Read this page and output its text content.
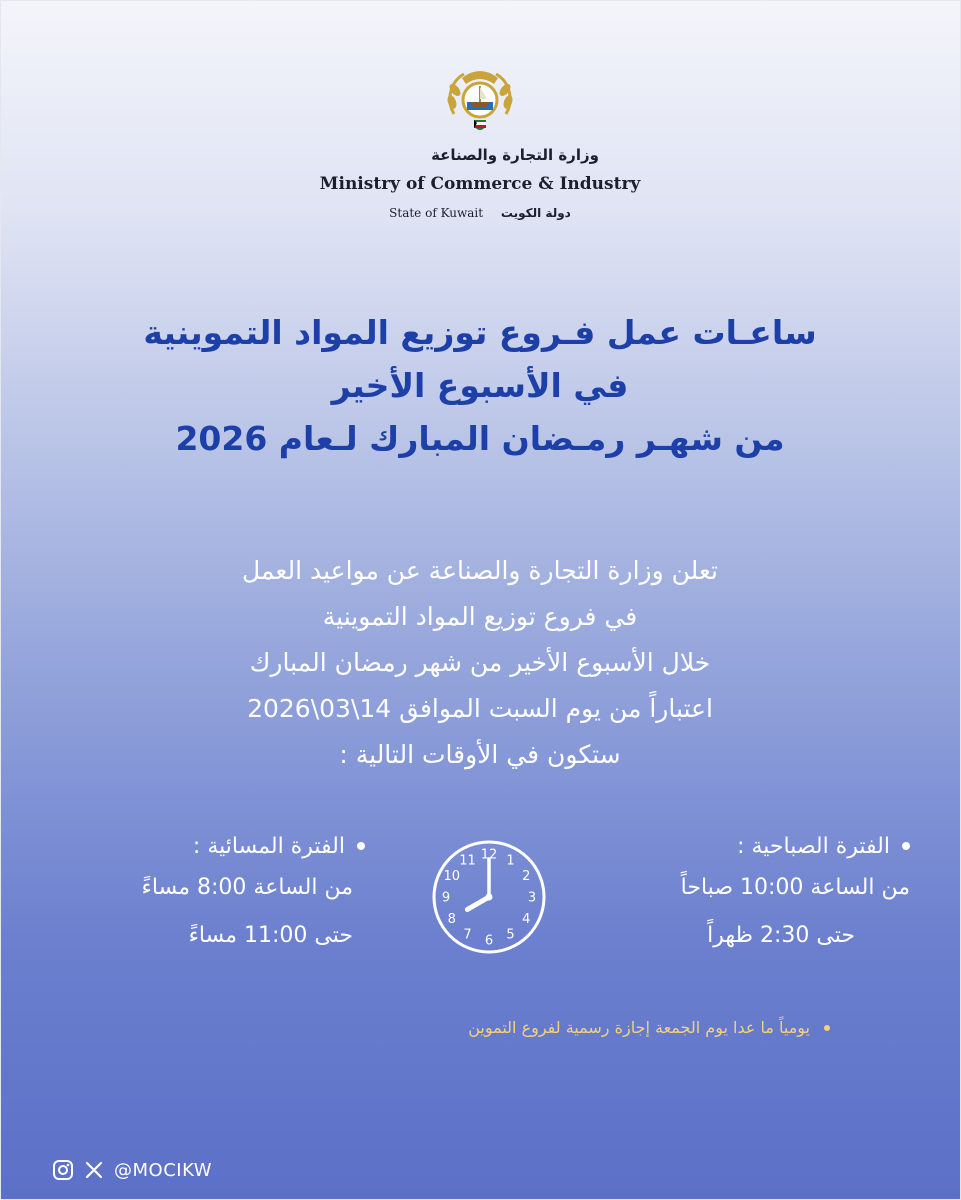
وزارة التجارة والصناعة
Ministry of Commerce & Industry
State of Kuwait دولة الكويت
ساعـات عمل فـروع توزيع المواد التموينية
في الأسبوع الأخير
من شهـر رمـضان المبارك لـعام 2026
تعلن وزارة التجارة والصناعة عن مواعيد العمل
في فروع توزيع المواد التموينية
خلال الأسبوع الأخير من شهر رمضان المبارك
اعتباراً من يوم السبت الموافق 14\03\2026
ستكون في الأوقات التالية :
الفترة الصباحية :
من الساعة 10:00 صباحاً
حتى 2:30 ظهراً
12 1
2
3
4
5
6
7
8
9
10
11
الفترة المسائية :
من الساعة 8:00 مساءً
حتى 11:00 مساءً
يومياً ما عدا يوم الجمعة إجازة رسمية لفروع التموين
@MOCIKW
